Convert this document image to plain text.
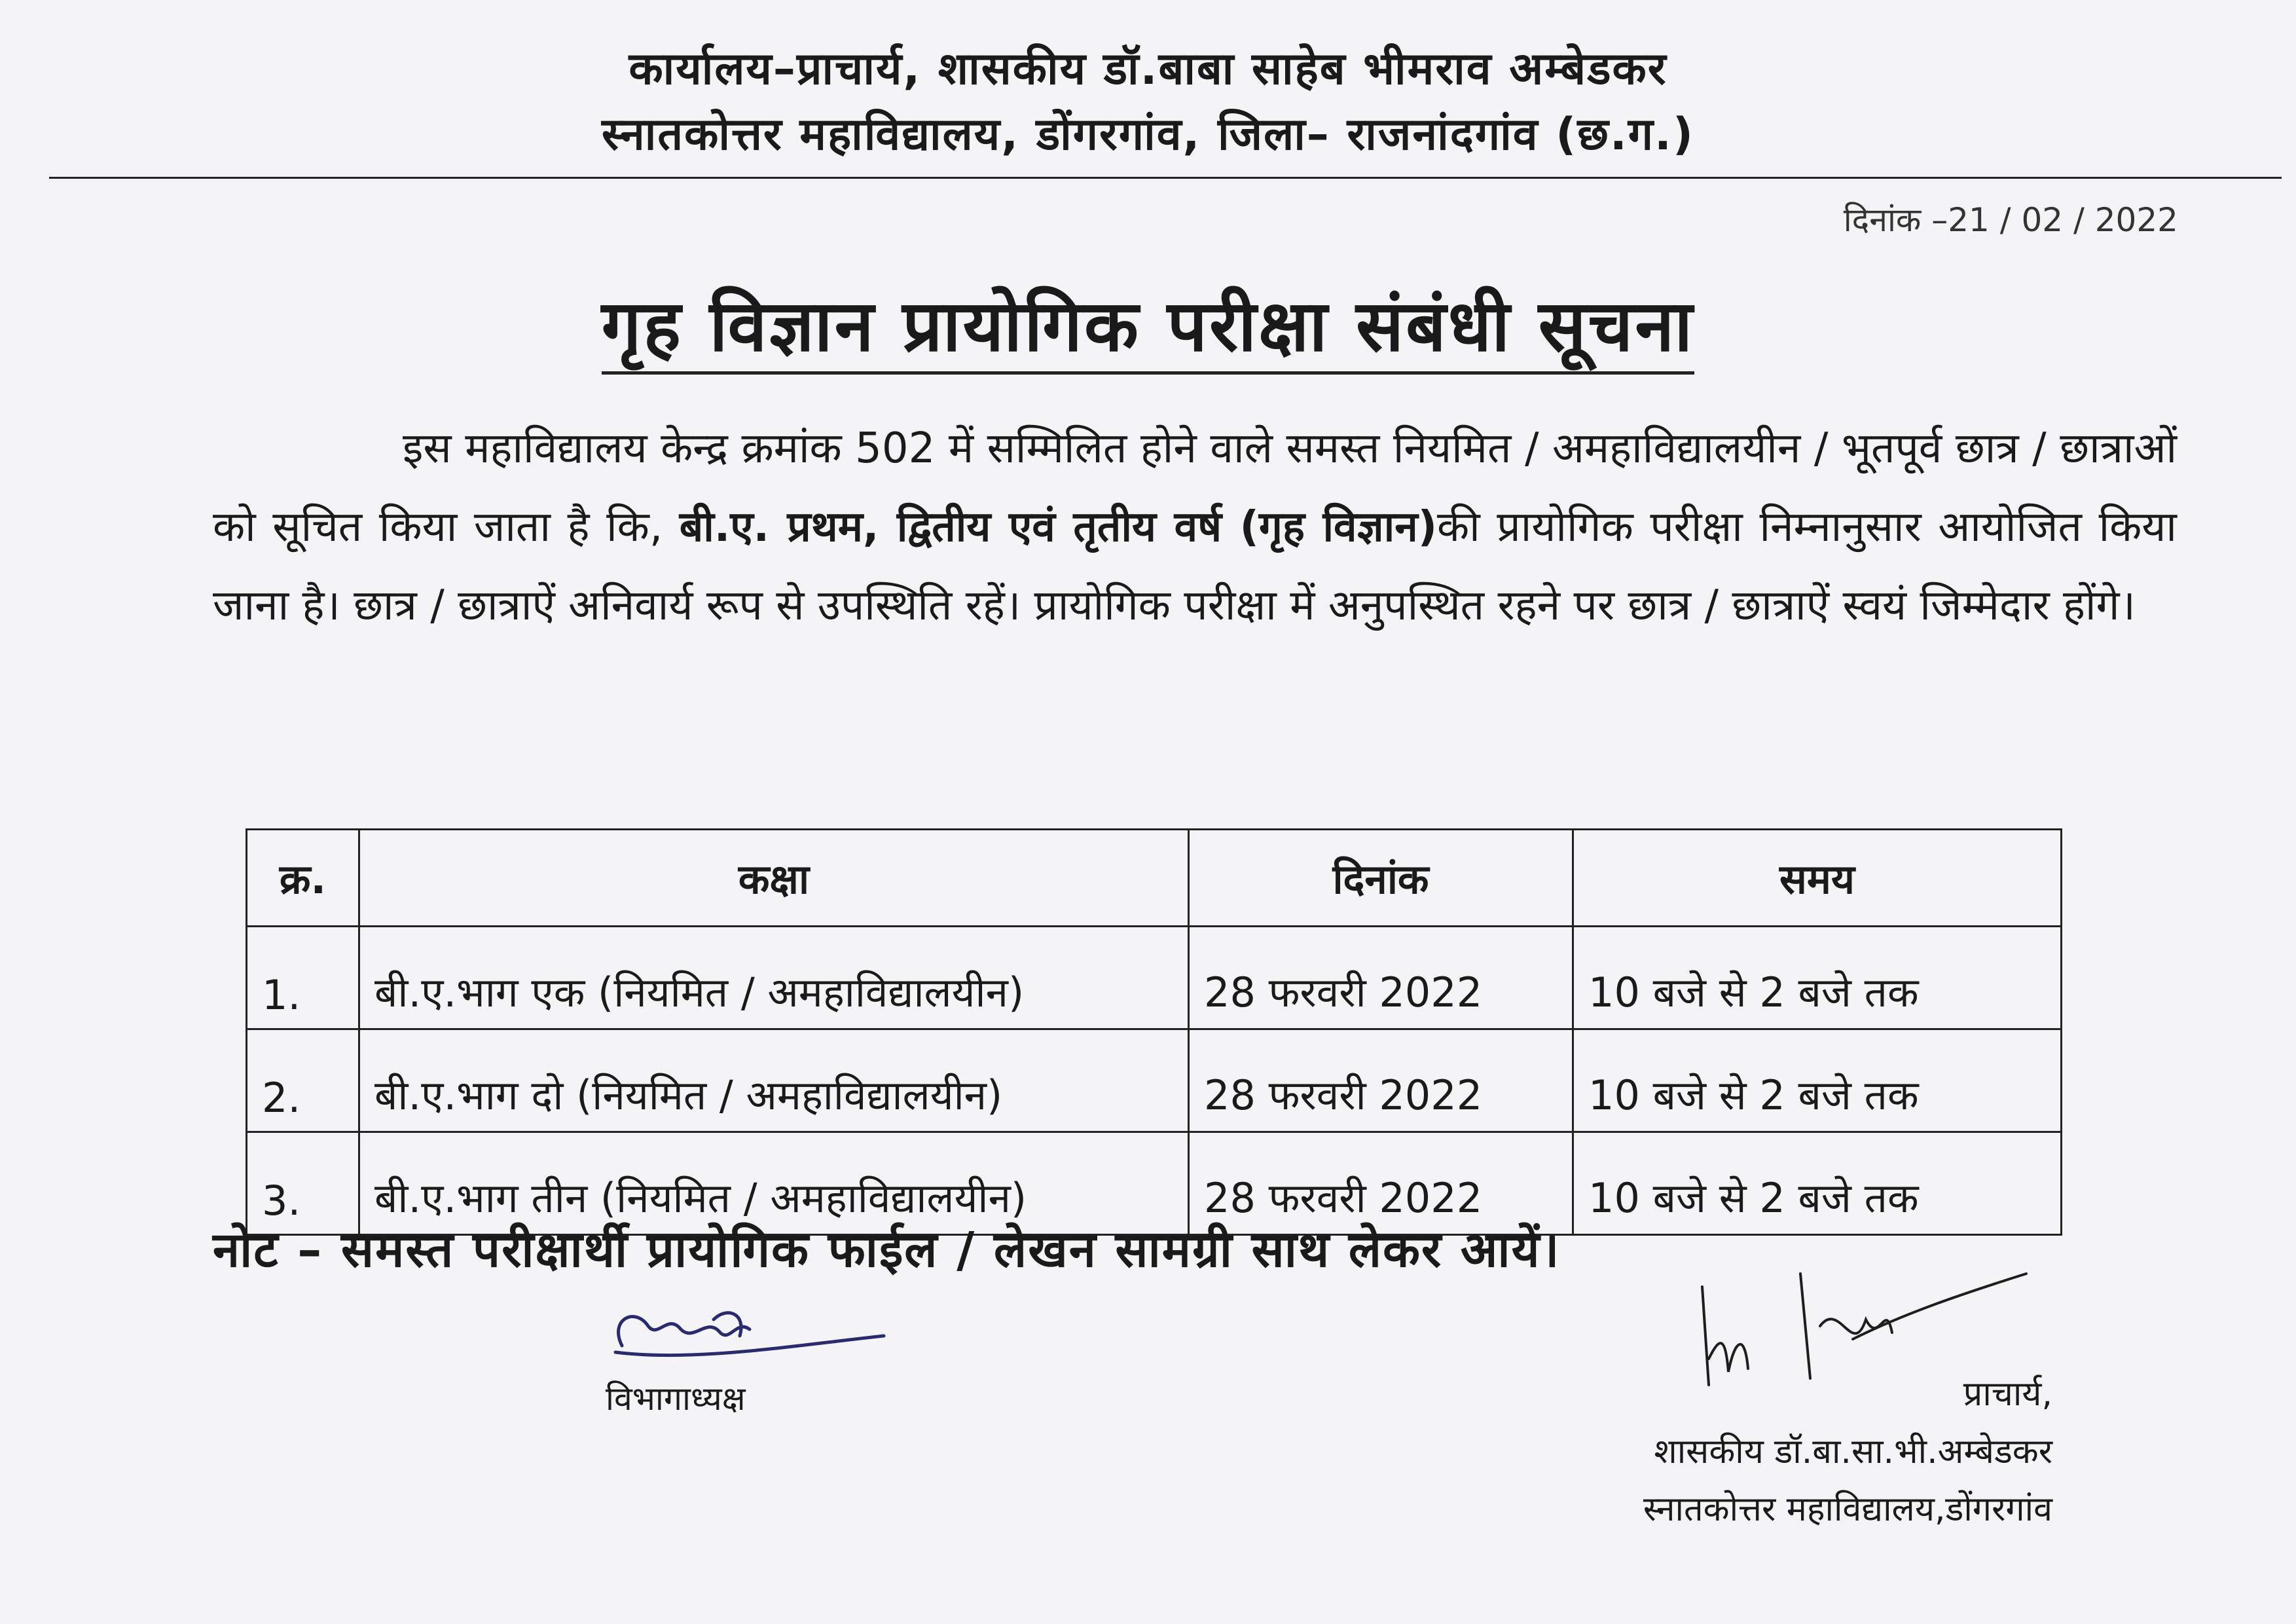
कार्यालय–प्राचार्य, शासकीय डॉ.बाबा साहेब भीमराव अम्बेडकर
स्नातकोत्तर महाविद्यालय, डोंगरगांव, जिला– राजनांदगांव (छ.ग.)
दिनांक –21 / 02 / 2022
गृह विज्ञान प्रायोगिक परीक्षा संबंधी सूचना
इस महाविद्यालय केन्द्र क्रमांक 502 में सम्मिलित होने वाले समस्त नियमित / अमहाविद्यालयीन / भूतपूर्व छात्र / छात्राओं को सूचित किया जाता है कि, बी.ए. प्रथम, द्वितीय एवं तृतीय वर्ष (गृह विज्ञान)की प्रायोगिक परीक्षा निम्नानुसार आयोजित किया जाना है। छात्र / छात्राऐं अनिवार्य रूप से उपस्थिति रहें। प्रायोगिक परीक्षा में अनुपस्थित रहने पर छात्र / छात्राऐं स्वयं जिम्मेदार होंगे।
क्र.	कक्षा	दिनांक	समय
1.	बी.ए.भाग एक (नियमित / अमहाविद्यालयीन)	28 फरवरी 2022	10 बजे से 2 बजे तक
2.	बी.ए.भाग दो (नियमित / अमहाविद्यालयीन)	28 फरवरी 2022	10 बजे से 2 बजे तक
3.	बी.ए.भाग तीन (नियमित / अमहाविद्यालयीन)	28 फरवरी 2022	10 बजे से 2 बजे तक
नोट – समस्त परीक्षार्थी प्रायोगिक फाईल / लेखन सामग्री साथ लेकर आयें।
विभागाध्यक्ष	प्राचार्य,
शासकीय डॉ.बा.सा.भी.अम्बेडकर
स्नातकोत्तर महाविद्यालय,डोंगरगांव
